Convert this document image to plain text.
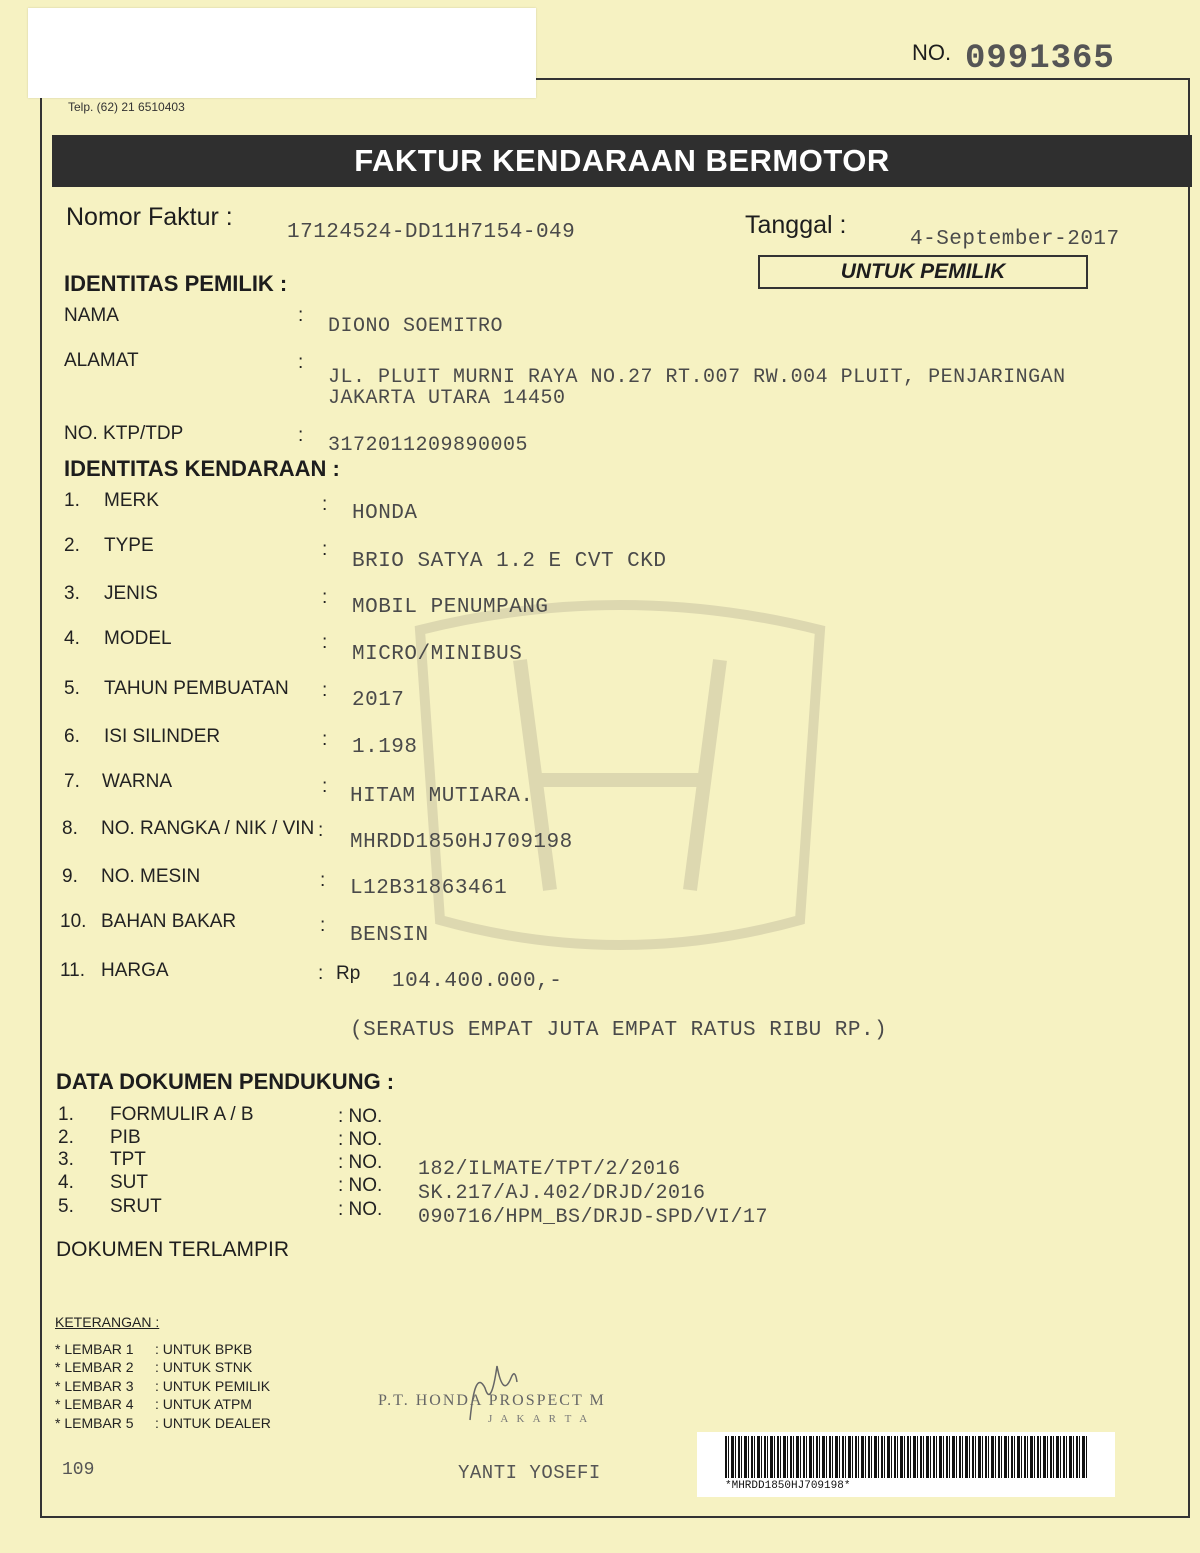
Telp. (62) 21 6510403
NO. 0991365
FAKTUR KENDARAAN BERMOTOR
Nomor Faktur :
17124524-DD11H7154-049	Tanggal :
4-September-2017
UNTUK PEMILIK
IDENTITAS PEMILIK :
NAMA	: DIONO SOEMITRO
ALAMAT	:
JL. PLUIT MURNI RAYA NO.27 RT.007 RW.004 PLUIT, PENJARINGAN
JAKARTA UTARA 14450
NO. KTP/TDP	: 3172011209890005
IDENTITAS KENDARAAN :
1. MERK	: HONDA
2. TYPE	:
BRIO SATYA 1.2 E CVT CKD
3. JENIS	: MOBIL PENUMPANG
4. MODEL	:
MICRO/MINIBUS
5. TAHUN PEMBUATAN : 2017
6. ISI SILINDER	: 1.198
7. WARNA	: HITAM MUTIARA.
8. NO. RANGKA / NIK / VIN :
MHRDD1850HJ709198
9. NO. MESIN	: L12B31863461
10. BAHAN BAKAR	: BENSIN
11. HARGA	: Rp 104.400.000,-
(SERATUS EMPAT JUTA EMPAT RATUS RIBU RP.)
DATA DOKUMEN PENDUKUNG :
1. FORMULIR A / B	: NO.
2. PIB	: NO.
3. TPT	: NO. 182/ILMATE/TPT/2/2016
4. SUT	: NO. SK.217/AJ.402/DRJD/2016
5. SRUT	: NO. 090716/HPM_BS/DRJD-SPD/VI/17
DOKUMEN TERLAMPIR
KETERANGAN :
* LEMBAR 1 : UNTUK BPKB
* LEMBAR 2 : UNTUK STNK
* LEMBAR 3 : UNTUK PEMILIK
* LEMBAR 4 : UNTUK ATPM
* LEMBAR 5 : UNTUK DEALER
109
P.T. HONDA PROSPECT M
J A K A R T A
YANTI YOSEFI
*MHRDD1850HJ709198*
